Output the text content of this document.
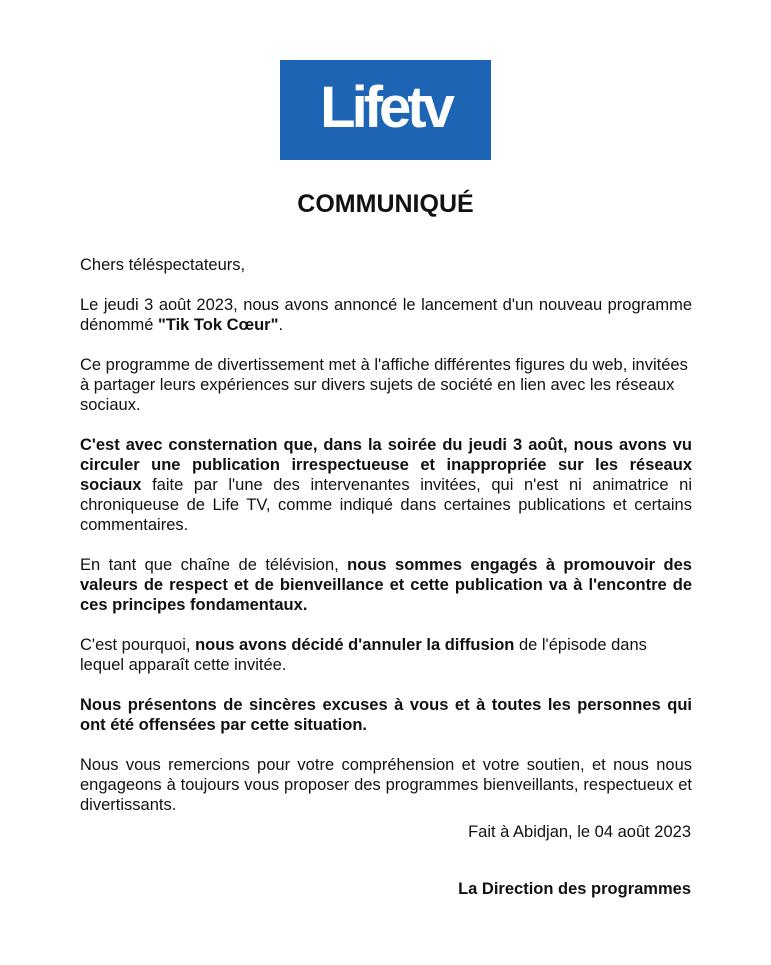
Lifetv
COMMUNIQUÉ

Chers téléspectateurs,

Le jeudi 3 août 2023, nous avons annoncé le lancement d'un nouveau programme dénommé "Tik Tok Cœur".

Ce programme de divertissement met à l'affiche différentes figures du web, invitées à partager leurs expériences sur divers sujets de société en lien avec les réseaux sociaux.

C'est avec consternation que, dans la soirée du jeudi 3 août, nous avons vu circuler une publication irrespectueuse et inappropriée sur les réseaux sociaux faite par l'une des intervenantes invitées, qui n'est ni animatrice ni chroniqueuse de Life TV, comme indiqué dans certaines publications et certains commentaires.

En tant que chaîne de télévision, nous sommes engagés à promouvoir des valeurs de respect et de bienveillance et cette publication va à l'encontre de ces principes fondamentaux.

C'est pourquoi, nous avons décidé d'annuler la diffusion de l'épisode dans lequel apparaît cette invitée.

Nous présentons de sincères excuses à vous et à toutes les personnes qui ont été offensées par cette situation.

Nous vous remercions pour votre compréhension et votre soutien, et nous nous engageons à toujours vous proposer des programmes bienveillants, respectueux et divertissants.

Fait à Abidjan, le 04 août 2023
La Direction des programmes
